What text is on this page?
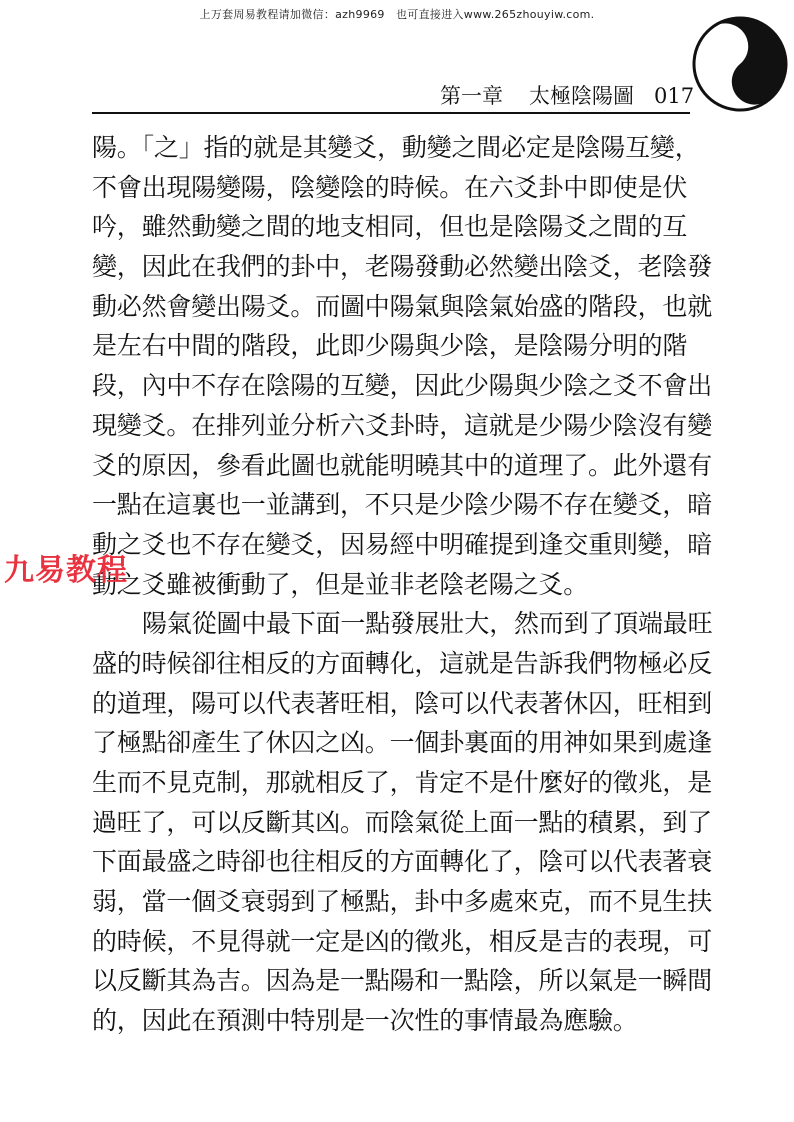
上万套周易教程请加微信：azh9969　也可直接进入www.265zhouyiw.com.
第一章 太極陰陽圖 017
陽。「之」指的就是其變爻，動變之間必定是陰陽互變，
不會出現陽變陽，陰變陰的時候。在六爻卦中即使是伏
吟，雖然動變之間的地支相同，但也是陰陽爻之間的互
變，因此在我們的卦中，老陽發動必然變出陰爻，老陰發
動必然會變出陽爻。而圖中陽氣與陰氣始盛的階段，也就
是左右中間的階段，此即少陽與少陰，是陰陽分明的階
段，內中不存在陰陽的互變，因此少陽與少陰之爻不會出
現變爻。在排列並分析六爻卦時，這就是少陽少陰沒有變
爻的原因，參看此圖也就能明曉其中的道理了。此外還有
一點在這裏也一並講到，不只是少陰少陽不存在變爻，暗
動之爻也不存在變爻，因易經中明確提到逢交重則變，暗
動之爻雖被衝動了，但是並非老陰老陽之爻。
陽氣從圖中最下面一點發展壯大，然而到了頂端最旺
盛的時候卻往相反的方面轉化，這就是告訴我們物極必反
的道理，陽可以代表著旺相，陰可以代表著休囚，旺相到
了極點卻產生了休囚之凶。一個卦裏面的用神如果到處逢
生而不見克制，那就相反了，肯定不是什麼好的徵兆，是
過旺了，可以反斷其凶。而陰氣從上面一點的積累，到了
下面最盛之時卻也往相反的方面轉化了，陰可以代表著衰
弱，當一個爻衰弱到了極點，卦中多處來克，而不見生扶
的時候，不見得就一定是凶的徵兆，相反是吉的表現，可
以反斷其為吉。因為是一點陽和一點陰，所以氣是一瞬間
的，因此在預測中特別是一次性的事情最為應驗。
九易教程
